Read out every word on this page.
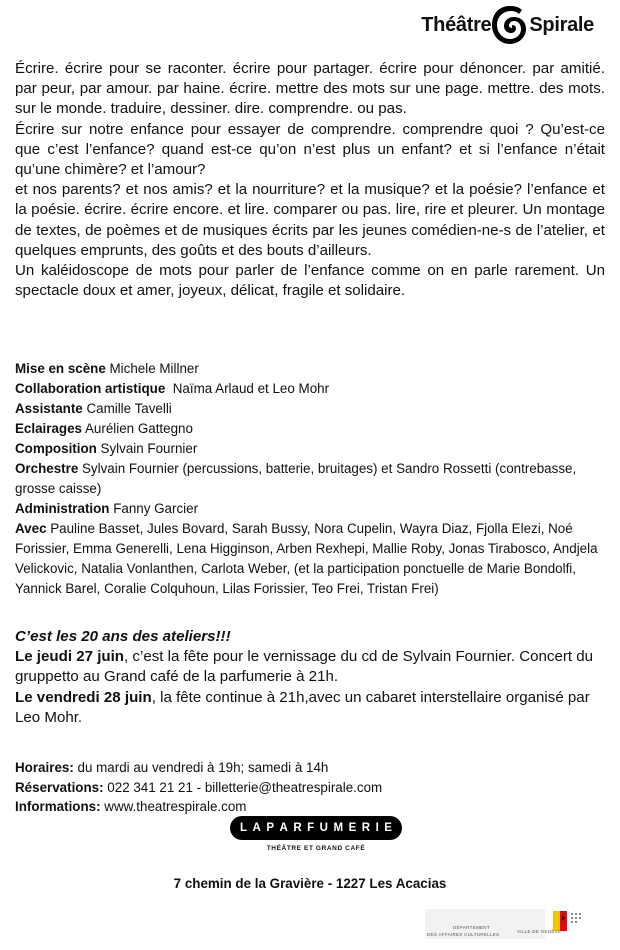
Théâtre Spirale

Écrire. écrire pour se raconter. écrire pour partager. écrire pour dénoncer. par amitié. par peur, par amour. par haine. écrire. mettre des mots sur une page. mettre. des mots. sur le monde. traduire, dessiner. dire. comprendre. ou pas.

Écrire sur notre enfance pour essayer de comprendre. comprendre quoi ? Qu’est-ce que c’est l’enfance? quand est-ce qu’on n’est plus un enfant? et si l’enfance n’était qu’une chimère? et l’amour?

et nos parents? et nos amis? et la nourriture? et la musique? et la poésie? l’enfance et la poésie. écrire. écrire encore. et lire. comparer ou pas. lire, rire et pleurer. Un montage de textes, de poèmes et de musiques écrits par les jeunes comédien-ne-s de l’atelier, et quelques emprunts, des goûts et des bouts d’ailleurs.

Un kaléidoscope de mots pour parler de l’enfance comme on en parle rarement. Un spectacle doux et amer, joyeux, délicat, fragile et solidaire.

Mise en scène Michele Millner

Collaboration artistique  Naïma Arlaud et Leo Mohr

Assistante Camille Tavelli

Eclairages Aurélien Gattegno

Composition Sylvain Fournier

Orchestre Sylvain Fournier (percussions, batterie, bruitages) et Sandro Rossetti (contrebasse, grosse caisse)

Administration Fanny Garcier

Avec Pauline Basset, Jules Bovard, Sarah Bussy, Nora Cupelin, Wayra Diaz, Fjolla Elezi, Noé Forissier, Emma Generelli, Lena Higginson, Arben Rexhepi, Mallie Roby, Jonas Tirabosco, Andjela Velickovic, Natalia Vonlanthen, Carlota Weber, (et la participation ponctuelle de Marie Bondolfi, Yannick Barel, Coralie Colquhoun, Lilas Forissier, Teo Frei, Tristan Frei)

C’est les 20 ans des ateliers!!!

Le jeudi 27 juin, c’est la fête pour le vernissage du cd de Sylvain Fournier. Concert du gruppetto au Grand café de la parfumerie à 21h.

Le vendredi 28 juin, la fête continue à 21h,avec un cabaret interstellaire organisé par Leo Mohr.

Horaires: du mardi au vendredi à 19h; samedi à 14h

Réservations: 022 341 21 21 - billetterie@theatrespirale.com

Informations: www.theatrespirale.com

L A P A R F U M E R I E
THÉÂTRE ET GRAND CAFÉ
7 chemin de la Gravière - 1227 Les Acacias
DÉPARTEMENT
DES AFFAIRES CULTURELLES
VILLE DE GENÈVE
